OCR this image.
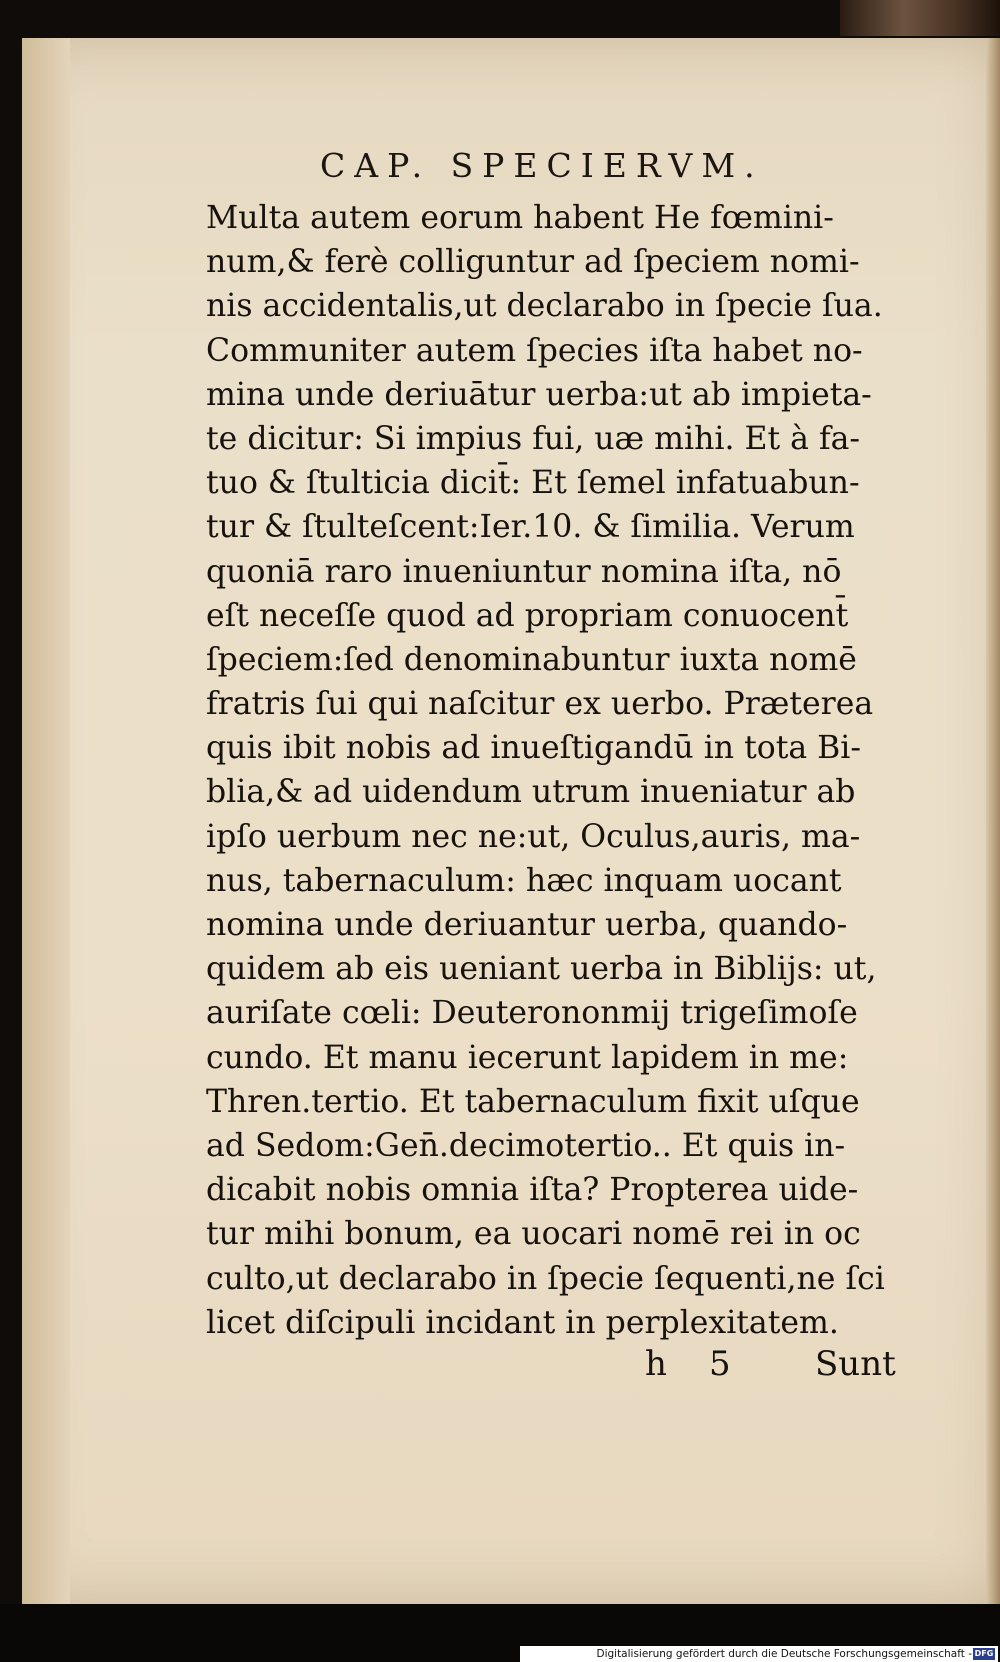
CAP. SPECIERVM.
Multa autem eorum habent He fœmini‑
num,& ferè colliguntur ad ſpeciem nomi‑
nis accidentalis,ut declarabo in ſpecie ſua.
Communiter autem ſpecies iſta habet no‑
mina unde deriuātur uerba:ut ab impieta‑
te dicitur: Si impius fui, uæ mihi. Et à fa‑
tuo & ſtulticia dicit̄: Et ſemel infatuabun‑
tur & ſtulteſcent:Ier.10. & ſimilia. Verum
quoniā raro inueniuntur nomina iſta, nō
eſt neceſſe quod ad propriam conuocent̄
ſpeciem:ſed denominabuntur iuxta nomē
fratris ſui qui naſcitur ex uerbo. Præterea
quis ibit nobis ad inueſtigandū in tota Bi‑
blia,& ad uidendum utrum inueniatur ab
ipſo uerbum nec ne:ut, Oculus,auris, ma‑
nus, tabernaculum: hæc inquam uocant
nomina unde deriuantur uerba, quando‑
quidem ab eis ueniant uerba in Biblijs: ut,
auriſate cœli: Deuterononmij trigeſimoſe
cundo. Et manu iecerunt lapidem in me:
Thren.tertio. Et tabernaculum fixit uſque
ad Sedom:Gen̄.decimotertio.. Et quis in‑
dicabit nobis omnia iſta? Propterea uide‑
tur mihi bonum, ea uocari nomē rei in oc
culto,ut declarabo in ſpecie ſequenti,ne ſci
licet diſcipuli incidant in perplexitatem.
h 5 Sunt
Digitalisierung gefördert durch die Deutsche Forschungsgemeinschaft - DFG
